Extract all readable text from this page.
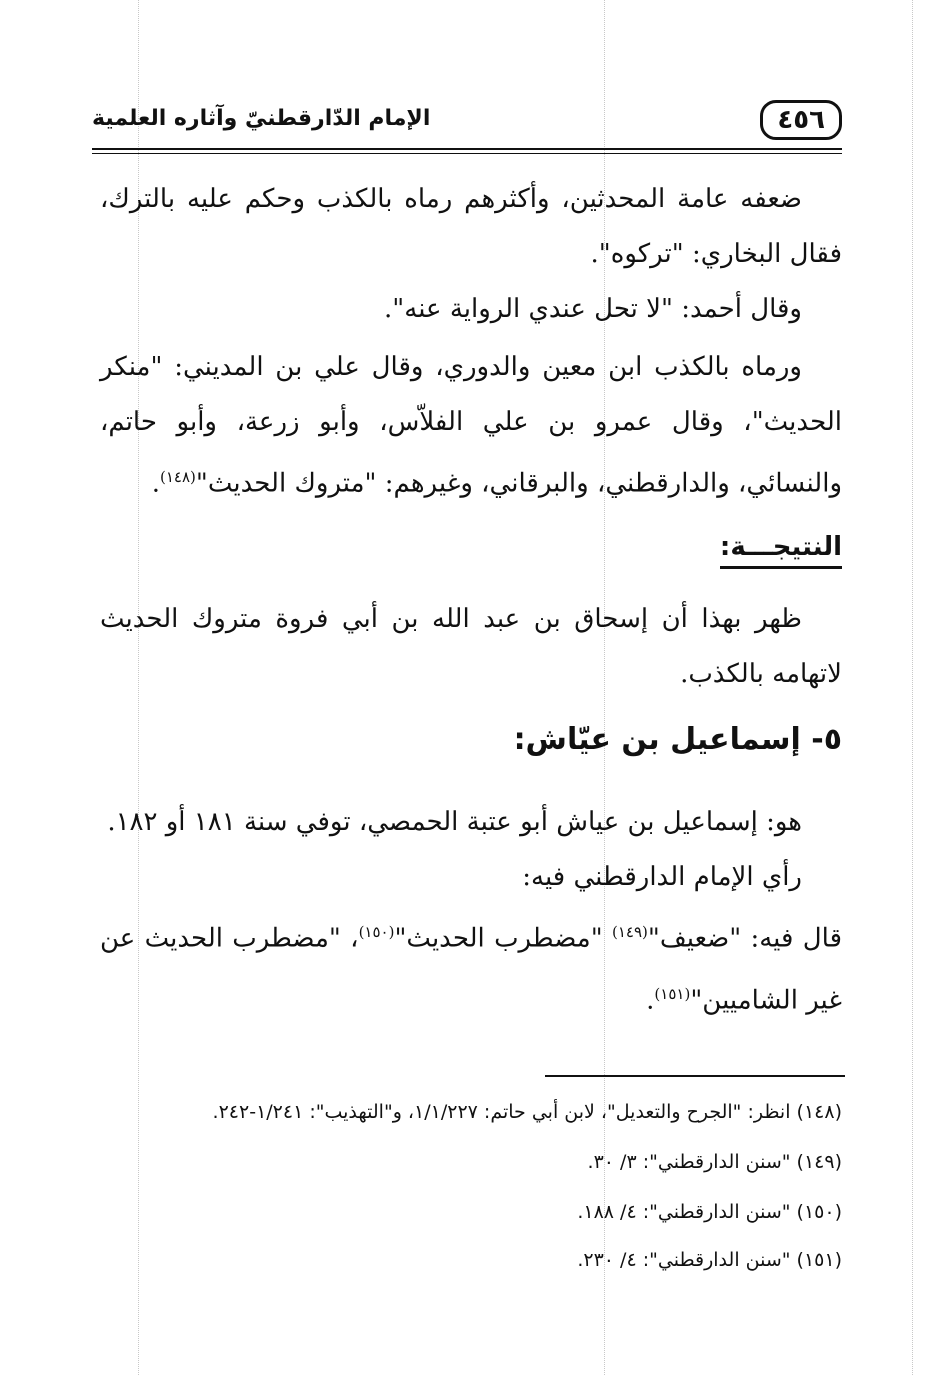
٤٥٦
الإمام الدّارقطنيّ وآثاره العلمية
ضعفه عامة المحدثين، وأكثرهم رماه بالكذب وحكم عليه بالترك، فقال البخاري: "تركوه".
وقال أحمد: "لا تحل عندي الرواية عنه".
ورماه بالكذب ابن معين والدوري، وقال علي بن المديني: "منكر الحديث"، وقال عمرو بن علي الفلاّس، وأبو زرعة، وأبو حاتم، والنسائي، والدارقطني، والبرقاني، وغيرهم: "متروك الحديث"$^{(١٤٨)}$.
النتيجـــة:
ظهر بهذا أن إسحاق بن عبد الله بن أبي فروة متروك الحديث لاتهامه بالكذب.
٥- إسماعيل بن عيّاش:
هو: إسماعيل بن عياش أبو عتبة الحمصي، توفي سنة ١٨١ أو ١٨٢.
رأي الإمام الدارقطني فيه:
قال فيه: "ضعيف"$^{(١٤٩)}$ "مضطرب الحديث"$^{(١٥٠)}$، "مضطرب الحديث عن غير الشاميين"$^{(١٥١)}$.
(١٤٨) انظر: "الجرح والتعديل"، لابن أبي حاتم: ١/١/٢٢٧، و"التهذيب": ١/٢٤١-٢٤٢.
(١٤٩) "سنن الدارقطني": ٣/ ٣٠.
(١٥٠) "سنن الدارقطني": ٤/ ١٨٨.
(١٥١) "سنن الدارقطني": ٤/ ٢٣٠.
